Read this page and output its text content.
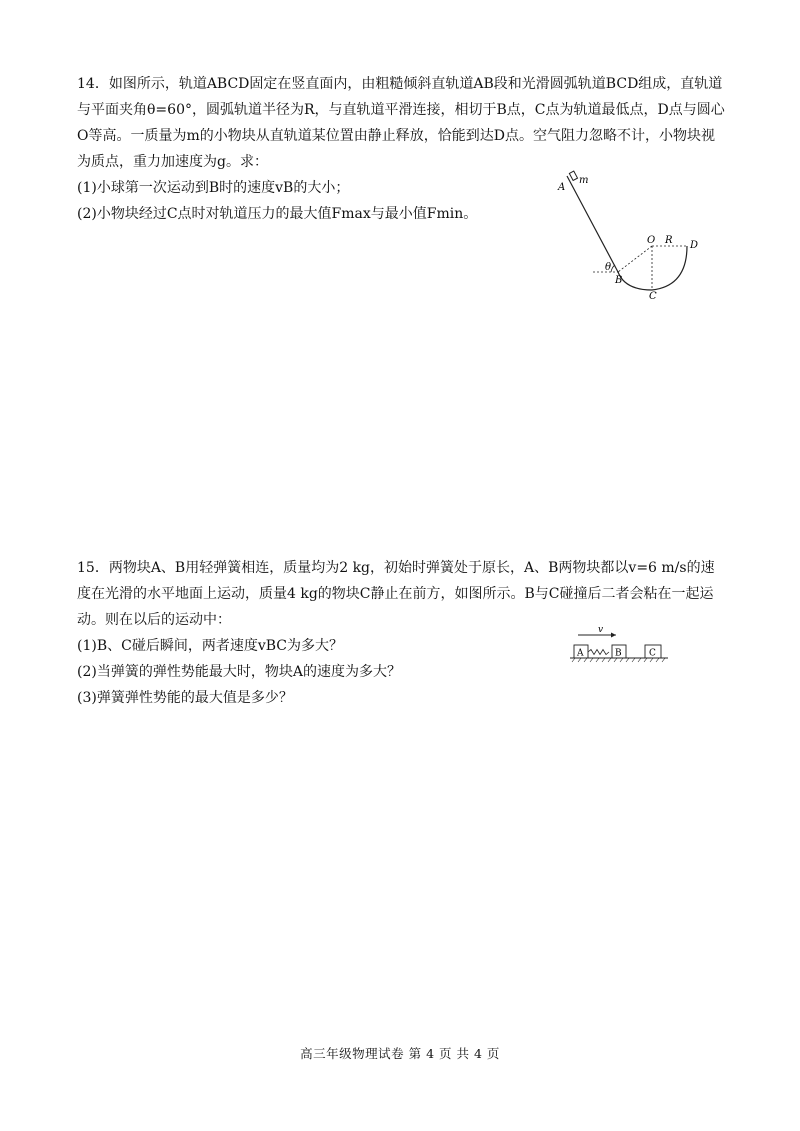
14．如图所示，轨道ABCD固定在竖直面内，由粗糙倾斜直轨道AB段和光滑圆弧轨道BCD组成，直轨道与平面夹角θ=60°，圆弧轨道半径为R，与直轨道平滑连接，相切于B点，C点为轨道最低点，D点与圆心O等高。一质量为m的小物块从直轨道某位置由静止释放，恰能到达D点。空气阻力忽略不计，小物块视为质点，重力加速度为g。求：

(1)小球第一次运动到B时的速度vB的大小；

(2)小物块经过C点时对轨道压力的最大值Fmax与最小值Fmin。

A
m
O R D
θ
B
C

15．两物块A、B用轻弹簧相连，质量均为2 kg，初始时弹簧处于原长，A、B两物块都以v=6 m/s的速度在光滑的水平地面上运动，质量4 kg的物块C静止在前方，如图所示。B与C碰撞后二者会粘在一起运动。则在以后的运动中：

(1)B、C碰后瞬间，两者速度vBC为多大？

(2)当弹簧的弹性势能最大时，物块A的速度为多大？

(3)弹簧弹性势能的最大值是多少？

v
A	B	C
高三年级物理试卷 第 4 页 共 4 页
